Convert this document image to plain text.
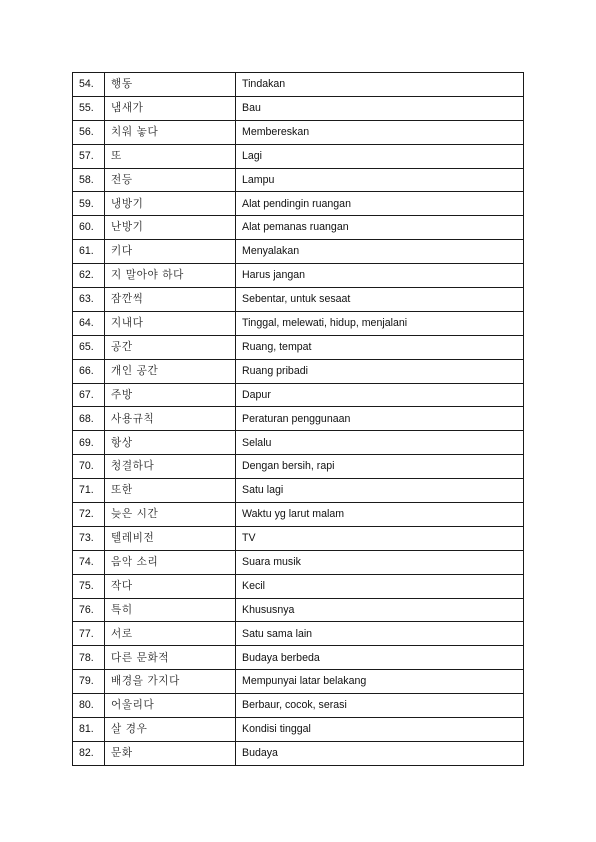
54.	행동	Tindakan
55.	냄새가	Bau
56.	치워 놓다	Membereskan
57.	또	Lagi
58.	전등	Lampu
59.	냉방기	Alat pendingin ruangan
60.	난방기	Alat pemanas ruangan
61.	키다	Menyalakan
62.	지 말아야 하다	Harus jangan
63.	잠깐씩	Sebentar, untuk sesaat
64.	지내다	Tinggal, melewati, hidup, menjalani
65.	공간	Ruang, tempat
66.	개인 공간	Ruang pribadi
67.	주방	Dapur
68.	사용규칙	Peraturan penggunaan
69.	항상	Selalu
70.	청결하다	Dengan bersih, rapi
71.	또한	Satu lagi
72.	늦은 시간	Waktu yg larut malam
73.	텔레비전	TV
74.	음악 소리	Suara musik
75.	작다	Kecil
76.	특히	Khususnya
77.	서로	Satu sama lain
78.	다른 문화적	Budaya berbeda
79.	배경을 가지다	Mempunyai latar belakang
80.	어울리다	Berbaur, cocok, serasi
81.	살 경우	Kondisi tinggal
82.	문화	Budaya
